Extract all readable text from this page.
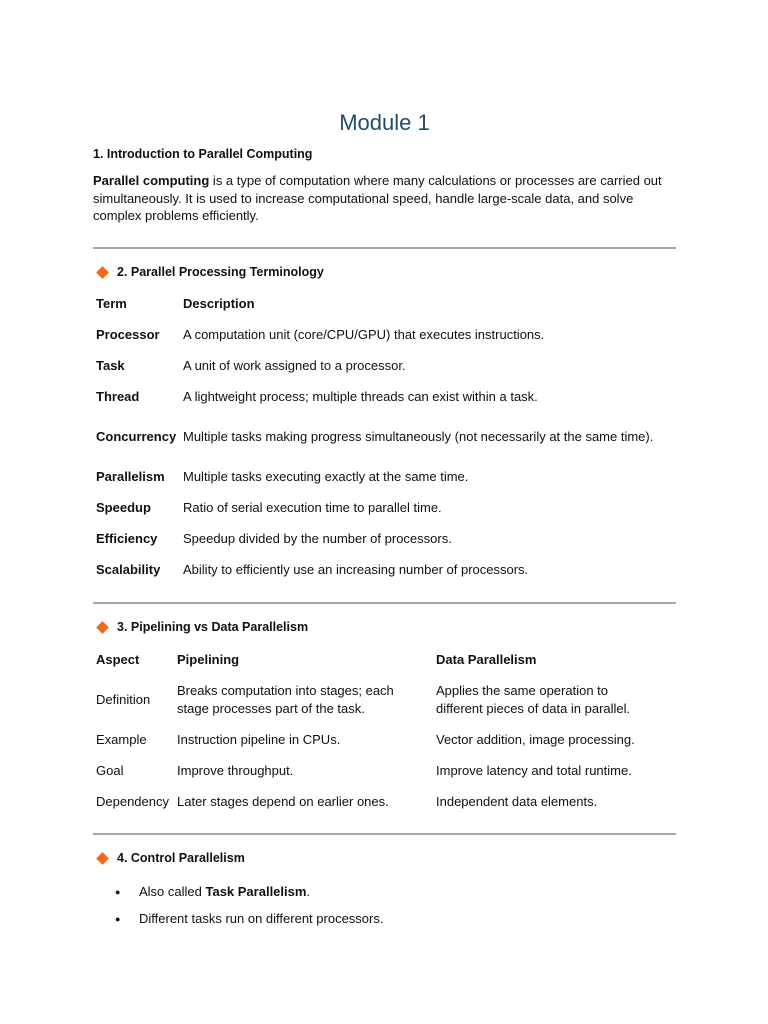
Module 1
1. Introduction to Parallel Computing
Parallel computing is a type of computation where many calculations or processes are carried out simultaneously. It is used to increase computational speed, handle large-scale data, and solve complex problems efficiently.
2. Parallel Processing Terminology
Term	Description
Processor	A computation unit (core/CPU/GPU) that executes instructions.
Task	A unit of work assigned to a processor.
Thread	A lightweight process; multiple threads can exist within a task.
Concurrency	Multiple tasks making progress simultaneously (not necessarily at the same time).
Parallelism	Multiple tasks executing exactly at the same time.
Speedup	Ratio of serial execution time to parallel time.
Efficiency	Speedup divided by the number of processors.
Scalability	Ability to efficiently use an increasing number of processors.
3. Pipelining vs Data Parallelism
Aspect	Pipelining	Data Parallelism
Definition	Breaks computation into stages; each stage processes part of the task.	Applies the same operation to different pieces of data in parallel.
Example	Instruction pipeline in CPUs.	Vector addition, image processing.
Goal	Improve throughput.	Improve latency and total runtime.
Dependency	Later stages depend on earlier ones.	Independent data elements.
4. Control Parallelism
●	Also called Task Parallelism.
●	Different tasks run on different processors.
